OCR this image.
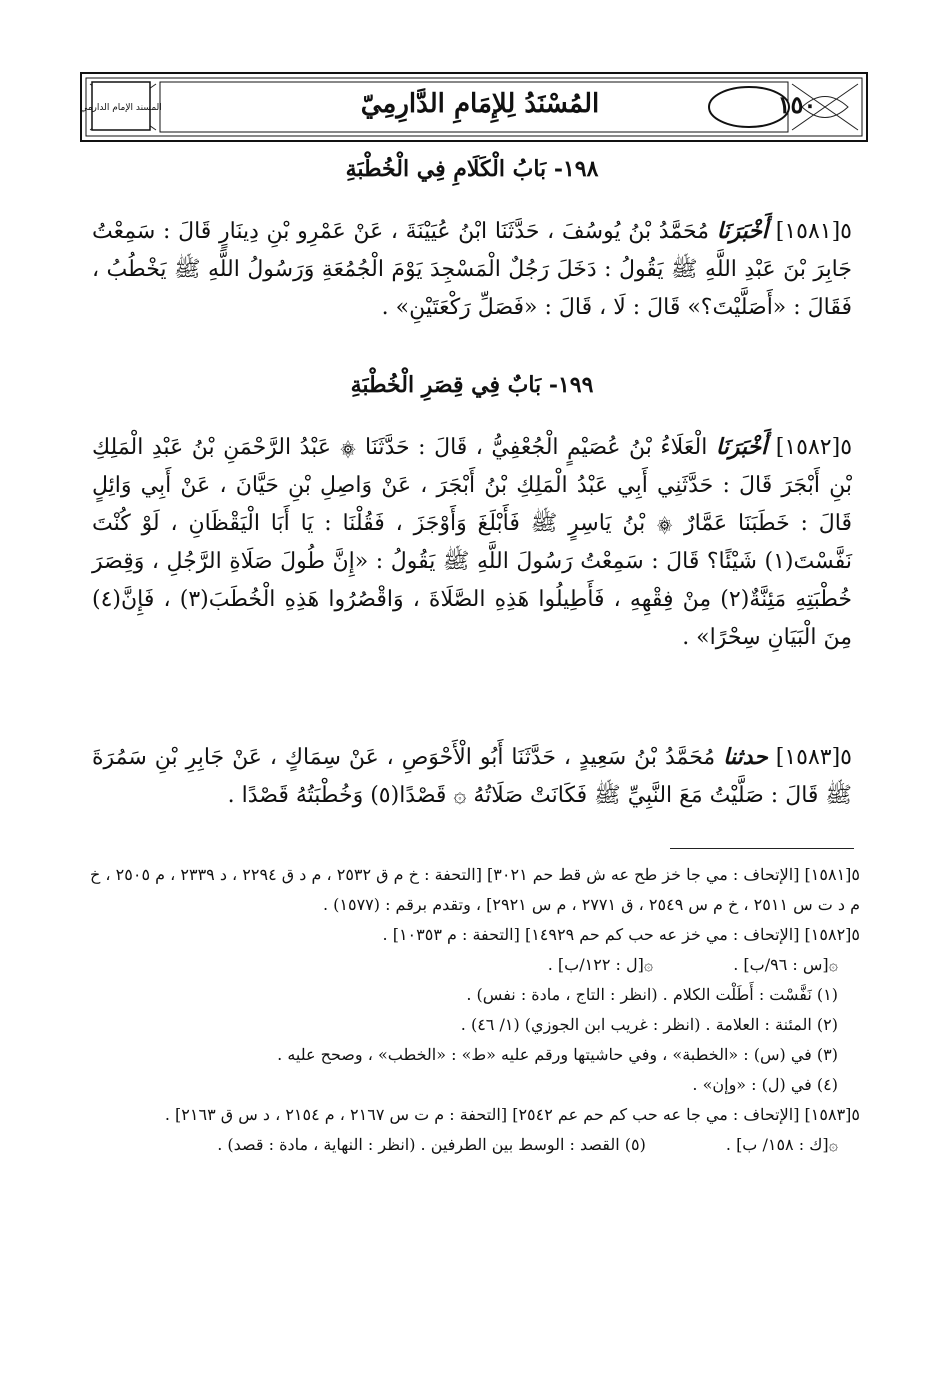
المسند الإمام الدارمي	المُسْنَدُ لِلإِمَامِ الدَّارِمِيّ	١٥٠
١٩٨- بَابُ الْكَلَامِ فِي الْخُطْبَةِ
٥[١٥٨١] أَخْبَرَنَا مُحَمَّدُ بْنُ يُوسُفَ ، حَدَّثَنَا ابْنُ عُيَيْنَةَ ، عَنْ عَمْرِو بْنِ دِينَارٍ قَالَ : سَمِعْتُ جَابِرَ بْنَ عَبْدِ اللَّهِ ﷺ يَقُولُ : دَخَلَ رَجُلٌ الْمَسْجِدَ يَوْمَ الْجُمُعَةِ وَرَسُولُ اللَّهِ ﷺ يَخْطُبُ ، فَقَالَ : «أَصَلَّيْتَ؟» قَالَ : لَا ، قَالَ : «فَصَلِّ رَكْعَتَيْنِ» .
١٩٩- بَابٌ فِي قِصَرِ الْخُطْبَةِ
٥[١٥٨٢] أَخْبَرَنَا الْعَلَاءُ بْنُ عُصَيْمٍ الْجُعْفِيُّ ، قَالَ : حَدَّثَنَا ۞ عَبْدُ الرَّحْمَنِ بْنُ عَبْدِ الْمَلِكِ بْنِ أَبْجَرَ قَالَ : حَدَّثَنِي أَبِي عَبْدُ الْمَلِكِ بْنُ أَبْجَرَ ، عَنْ وَاصِلِ بْنِ حَيَّانَ ، عَنْ أَبِي وَائِلٍ قَالَ : خَطَبَنَا عَمَّارٌ ۞ بْنُ يَاسِرٍ ﷺ فَأَبْلَغَ وَأَوْجَزَ ، فَقُلْنَا : يَا أَبَا الْيَقْظَانِ ، لَوْ كُنْتَ نَفَّسْتَ(١) شَيْئًا؟ قَالَ : سَمِعْتُ رَسُولَ اللَّهِ ﷺ يَقُولُ : «إِنَّ طُولَ صَلَاةِ الرَّجُلِ ، وَقِصَرَ خُطْبَتِهِ مَئِنَّةٌ(٢) مِنْ فِقْهِهِ ، فَأَطِيلُوا هَذِهِ الصَّلَاةَ ، وَاقْصُرُوا هَذِهِ الْخُطَبَ(٣) ، فَإِنَّ(٤) مِنَ الْبَيَانِ سِحْرًا» .
٥[١٥٨٣] حدثنا مُحَمَّدُ بْنُ سَعِيدٍ ، حَدَّثَنَا أَبُو الْأَحْوَصِ ، عَنْ سِمَاكٍ ، عَنْ جَابِرِ بْنِ سَمُرَةَ ﷺ قَالَ : صَلَّيْتُ مَعَ النَّبِيِّ ﷺ فَكَانَتْ صَلَاتُهُ ۞ قَصْدًا(٥) وَخُطْبَتُهُ قَصْدًا .

٥[١٥٨١] [الإتحاف : مي جا خز طح عه ش قط حم ٣٠٢١] [التحفة : خ م ق ٢٥٣٢ ، م د ق ٢٢٩٤ ، د ٢٣٣٩ ، م ٢٥٠٥ ، خ م د ت س ٢٥١١ ، خ م س ٢٥٤٩ ، ق ٢٧٧١ ، م س ٢٩٢١] ، وتقدم برقم : (١٥٧٧) .

٥[١٥٨٢] [الإتحاف : مي خز عه حب كم حم ١٤٩٢٩] [التحفة : م ١٠٣٥٣] .

۞[س : ٩٦/ب] .
۞[ل : ١٢٢/ب] .

(١) نَفَّسْت : أَطَلْت الكلام . (انظر : التاج ، مادة : نفس) .

(٢) المئنة : العلامة . (انظر : غريب ابن الجوزي) (١/ ٤٦) .

(٣) في (س) : «الخطبة» ، وفي حاشيتها ورقم عليه «ط» : «الخطب» ، وصحح عليه .

(٤) في (ل) : «وإن» .

٥[١٥٨٣] [الإتحاف : مي جا عه حب كم حم عم ٢٥٤٢] [التحفة : م ت س ٢١٦٧ ، م ٢١٥٤ ، د س ق ٢١٦٣] .

۞[ك : ١٥٨/ ب] .
(٥) القصد : الوسط بين الطرفين . (انظر : النهاية ، مادة : قصد) .
